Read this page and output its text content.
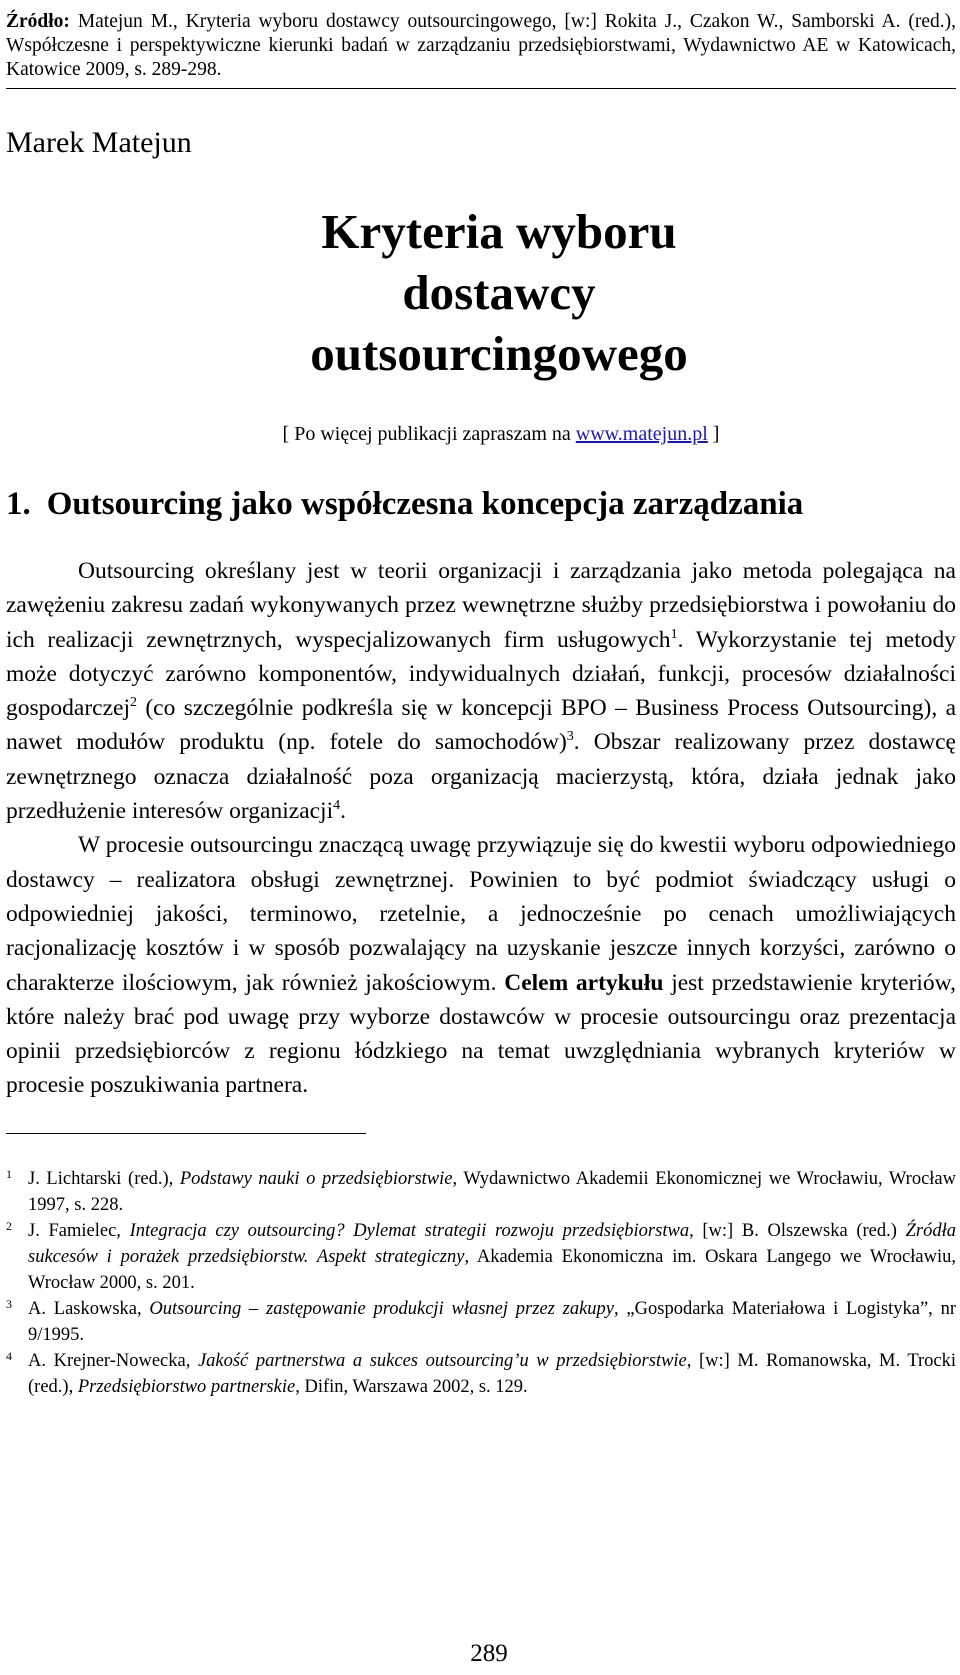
Źródło: Matejun M., Kryteria wyboru dostawcy outsourcingowego, [w:] Rokita J., Czakon W., Samborski A. (red.), Współczesne i perspektywiczne kierunki badań w zarządzaniu przedsiębiorstwami, Wydawnictwo AE w Katowicach, Katowice 2009, s. 289-298.
Marek Matejun
Kryteria wyboru
dostawcy
outsourcingowego
[ Po więcej publikacji zapraszam na www.matejun.pl ]
1. Outsourcing jako współczesna koncepcja zarządzania

Outsourcing określany jest w teorii organizacji i zarządzania jako metoda polegająca na zawężeniu zakresu zadań wykonywanych przez wewnętrzne służby przedsiębiorstwa i powołaniu do ich realizacji zewnętrznych, wyspecjalizowanych firm usługowych$^1$. Wykorzystanie tej metody może dotyczyć zarówno komponentów, indywidualnych działań, funkcji, procesów działalności gospodarczej$^2$ (co szczególnie podkreśla się w koncepcji BPO – Business Process Outsourcing), a nawet modułów produktu (np. fotele do samochodów)$^3$. Obszar realizowany przez dostawcę zewnętrznego oznacza działalność poza organizacją macierzystą, która, działa jednak jako przedłużenie interesów organizacji$^4$.

W procesie outsourcingu znaczącą uwagę przywiązuje się do kwestii wyboru odpowiedniego dostawcy – realizatora obsługi zewnętrznej. Powinien to być podmiot świadczący usługi o odpowiedniej jakości, terminowo, rzetelnie, a jednocześnie po cenach umożliwiających racjonalizację kosztów i w sposób pozwalający na uzyskanie jeszcze innych korzyści, zarówno o charakterze ilościowym, jak również jakościowym. Celem artykułu jest przedstawienie kryteriów, które należy brać pod uwagę przy wyborze dostawców w procesie outsourcingu oraz prezentacja opinii przedsiębiorców z regionu łódzkiego na temat uwzględniania wybranych kryteriów w procesie poszukiwania partnera.

$^1$ J. Lichtarski (red.), Podstawy nauki o przedsiębiorstwie, Wydawnictwo Akademii Ekonomicznej we Wrocławiu, Wrocław 1997, s. 228.
$^2$ J. Famielec, Integracja czy outsourcing? Dylemat strategii rozwoju przedsiębiorstwa, [w:] B. Olszewska (red.) Źródła sukcesów i porażek przedsiębiorstw. Aspekt strategiczny, Akademia Ekonomiczna im. Oskara Langego we Wrocławiu, Wrocław 2000, s. 201.
$^3$ A. Laskowska, Outsourcing – zastępowanie produkcji własnej przez zakupy, „Gospodarka Materiałowa i Logistyka”, nr 9/1995.
$^4$ A. Krejner-Nowecka, Jakość partnerstwa a sukces outsourcing’u w przedsiębiorstwie, [w:] M. Romanowska, M. Trocki (red.), Przedsiębiorstwo partnerskie, Difin, Warszawa 2002, s. 129.
289
